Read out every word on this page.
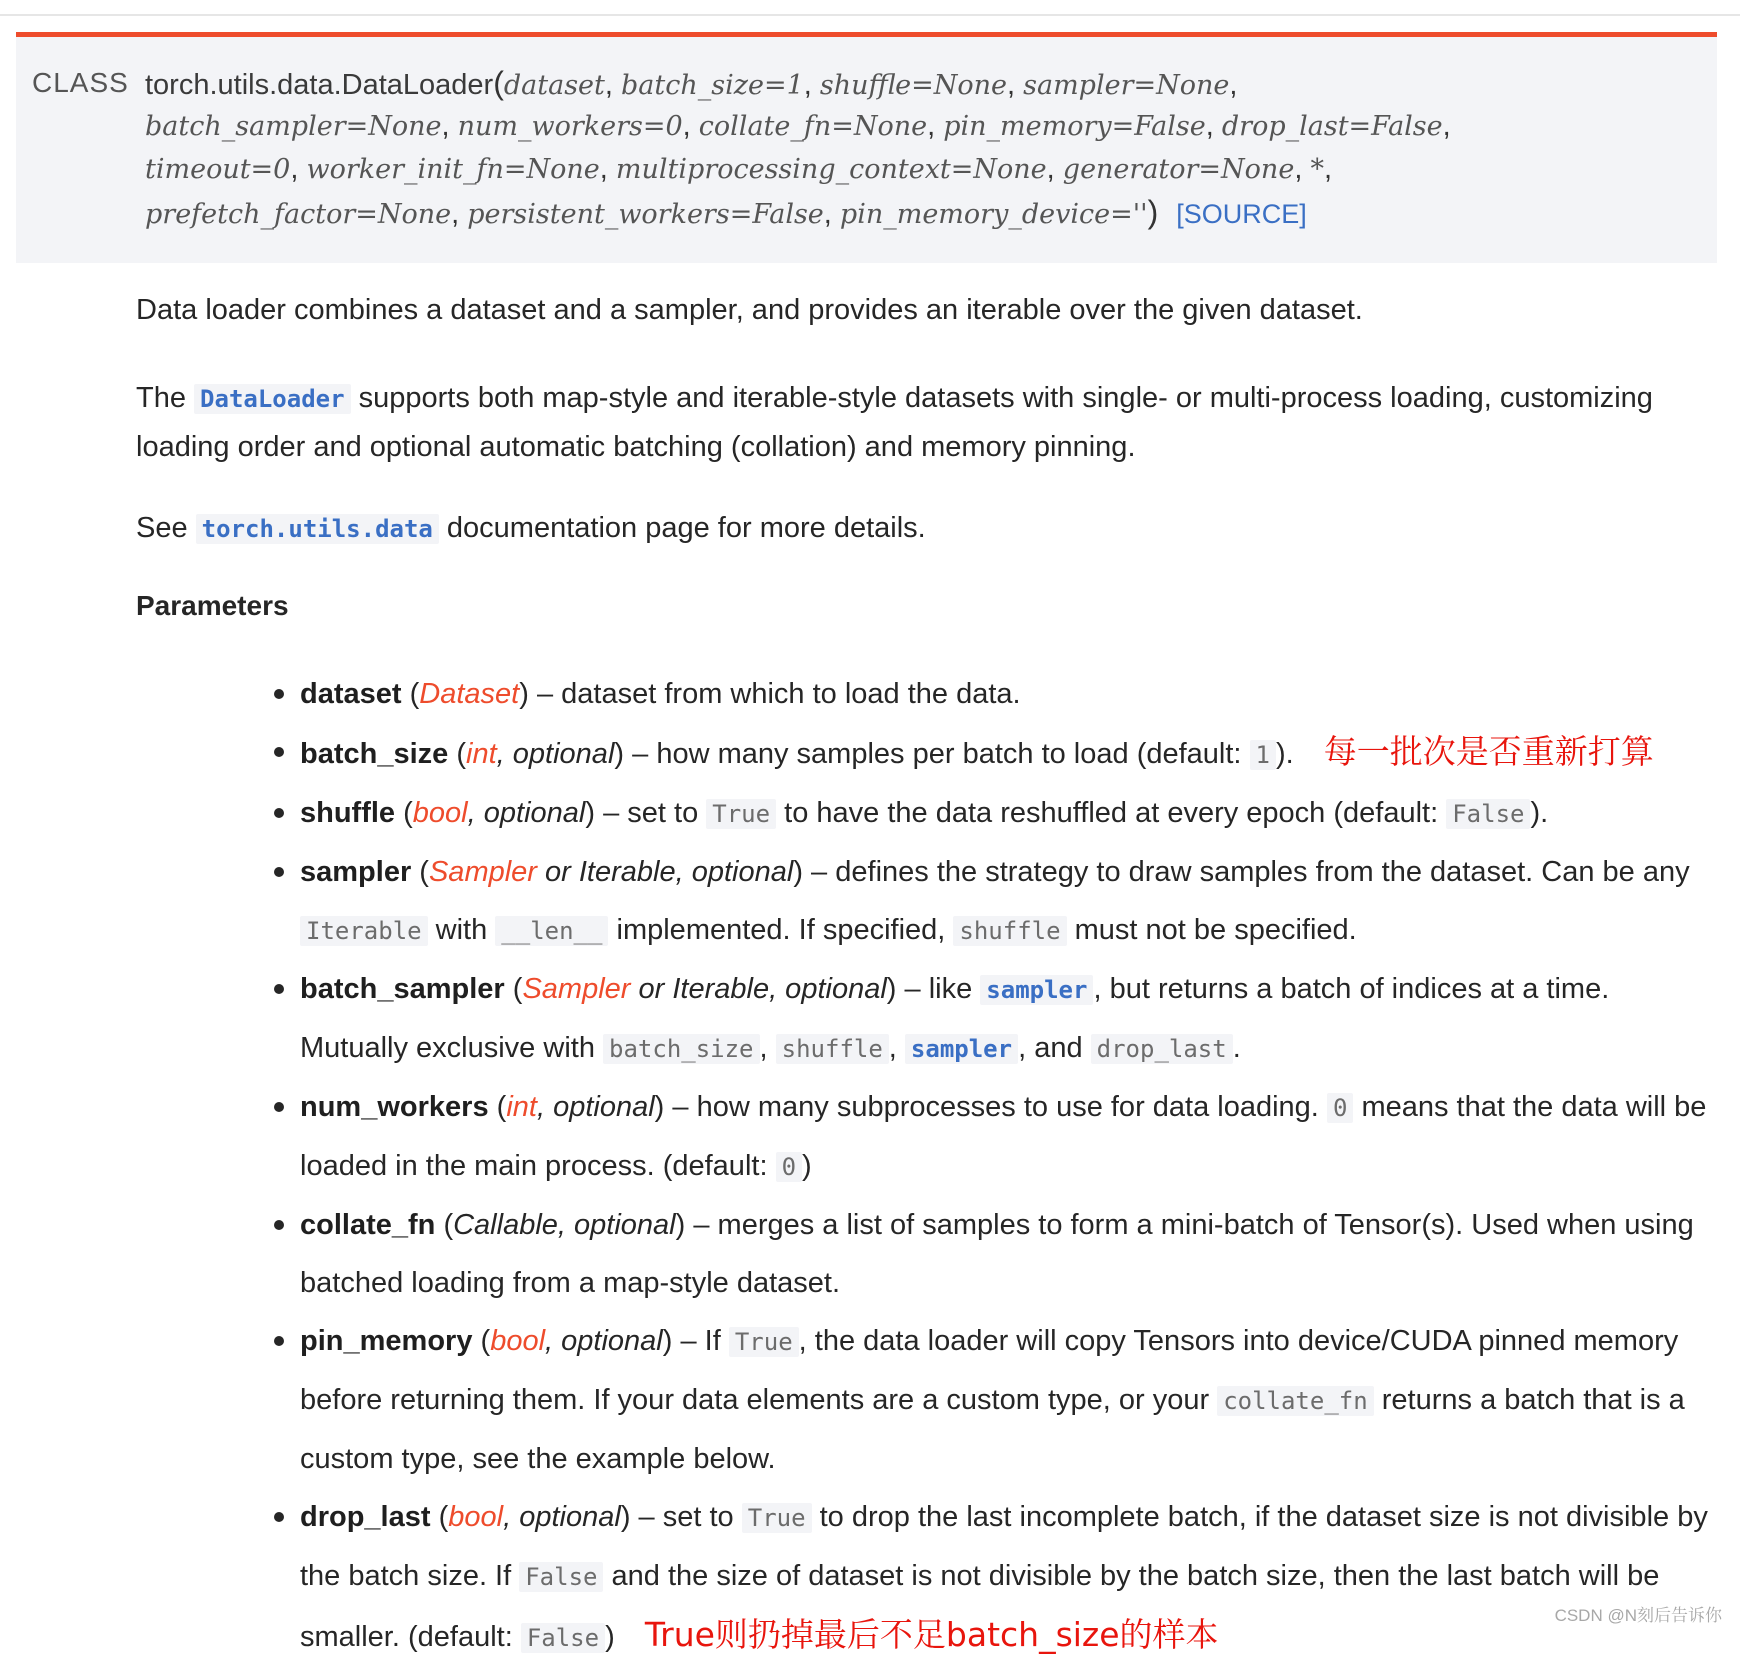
CLASS torch.utils.data.DataLoader(dataset, batch_size=1, shuffle=None, sampler=None,
batch_sampler=None, num_workers=0, collate_fn=None, pin_memory=False, drop_last=False,
timeout=0, worker_init_fn=None, multiprocessing_context=None, generator=None, *,
prefetch_factor=None, persistent_workers=False, pin_memory_device='') [SOURCE]

Data loader combines a dataset and a sampler, and provides an iterable over the given dataset.

The DataLoader supports both map-style and iterable-style datasets with single- or multi-process loading, customizing loading order and optional automatic batching (collation) and memory pinning.

See torch.utils.data documentation page for more details.

Parameters
dataset (Dataset) – dataset from which to load the data.
batch_size (int, optional) – how many samples per batch to load (default: 1 ). 每一批次是否重新打算
shuffle (bool, optional) – set to True to have the data reshuffled at every epoch (default: False ).
sampler (Sampler or Iterable, optional) – defines the strategy to draw samples from the dataset. Can be any Iterable with __len__ implemented. If specified, shuffle must not be specified.
batch_sampler (Sampler or Iterable, optional) – like sampler , but returns a batch of indices at a time. Mutually exclusive with batch_size , shuffle , sampler , and drop_last .
num_workers (int, optional) – how many subprocesses to use for data loading. 0 means that the data will be loaded in the main process. (default: 0 )
collate_fn (Callable, optional) – merges a list of samples to form a mini-batch of Tensor(s). Used when using batched loading from a map-style dataset.
pin_memory (bool, optional) – If True , the data loader will copy Tensors into device/CUDA pinned memory before returning them. If your data elements are a custom type, or your collate_fn returns a batch that is a custom type, see the example below.
drop_last (bool, optional) – set to True to drop the last incomplete batch, if the dataset size is not divisible by the batch size. If False and the size of dataset is not divisible by the batch size, then the last batch will be smaller. (default: False ) True则扔掉最后不足batch_size的样本	CSDN @N刻后告诉你
